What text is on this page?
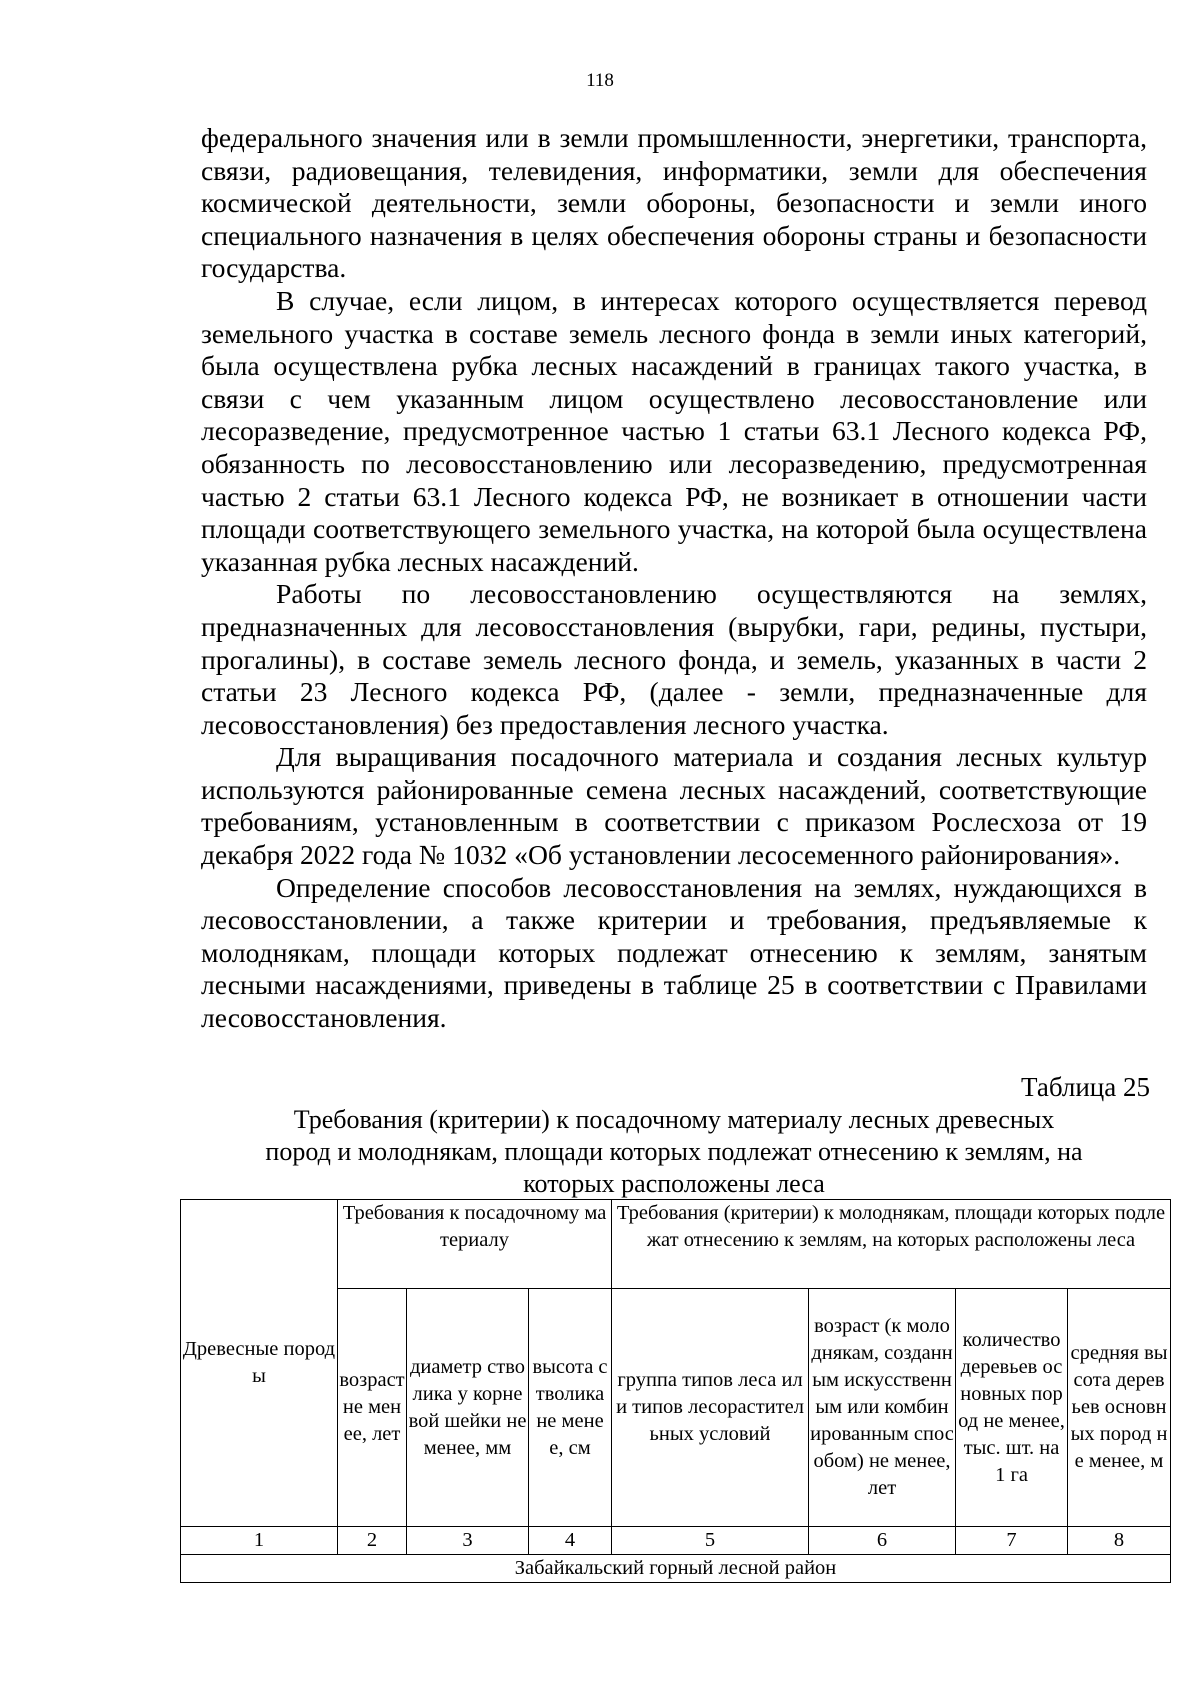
118

федерального значения или в земли промышленности, энергетики, транспорта, связи, радиовещания, телевидения, информатики, земли для обеспечения космической деятельности, земли обороны, безопасности и земли иного специального назначения в целях обеспечения обороны страны и безопасности государства.

В случае, если лицом, в интересах которого осуществляется перевод земельного участка в составе земель лесного фонда в земли иных категорий, была осуществлена рубка лесных насаждений в границах такого участка, в связи с чем указанным лицом осуществлено лесовосстановление или лесоразведение, предусмотренное частью 1 статьи 63.1 Лесного кодекса РФ, обязанность по лесовосстановлению или лесоразведению, предусмотренная частью 2 статьи 63.1 Лесного кодекса РФ, не возникает в отношении части площади соответствующего земельного участка, на которой была осуществлена указанная рубка лесных насаждений.

Работы по лесовосстановлению осуществляются на землях, предназначенных для лесовосстановления (вырубки, гари, редины, пустыри, прогалины), в составе земель лесного фонда, и земель, указанных в части 2 статьи 23 Лесного кодекса РФ, (далее - земли, предназначенные для лесовосстановления) без предоставления лесного участка.

Для выращивания посадочного материала и создания лесных культур используются районированные семена лесных насаждений, соответствующие требованиям, установленным в соответствии с приказом Рослесхоза от 19 декабря 2022 года № 1032 «Об установлении лесосеменного районирования».

Определение способов лесовосстановления на землях, нуждающихся в лесовосстановлении, а также критерии и требования, предъявляемые к молоднякам, площади которых подлежат отнесению к землям, занятым лесными насаждениями, приведены в таблице 25 в соответствии с Правилами лесовосстановления.

Таблица 25
Требования (критерии) к посадочному материалу лесных древесных
пород и молоднякам, площади которых подлежат отнесению к землям, на
которых расположены леса
Древесные породы	Требования к посадочному материалу			Требования (критерии) к молоднякам, площади которых подлежат отнесению к землям, на которых расположены леса			

	возраст не менее, лет	диаметр стволика у корневой шейки не менее, мм	высота стволика не менее, см	группа типов леса или типов лесорастительных условий	возраст (к молоднякам, созданным искусственным или комбинированным способом) не менее, лет	количество деревьев основных пород не менее, тыс. шт. на 1 га	средняя высота деревьев основных пород не менее, м

1	2	3	4	5	6	7	8
Забайкальский горный лесной район							
